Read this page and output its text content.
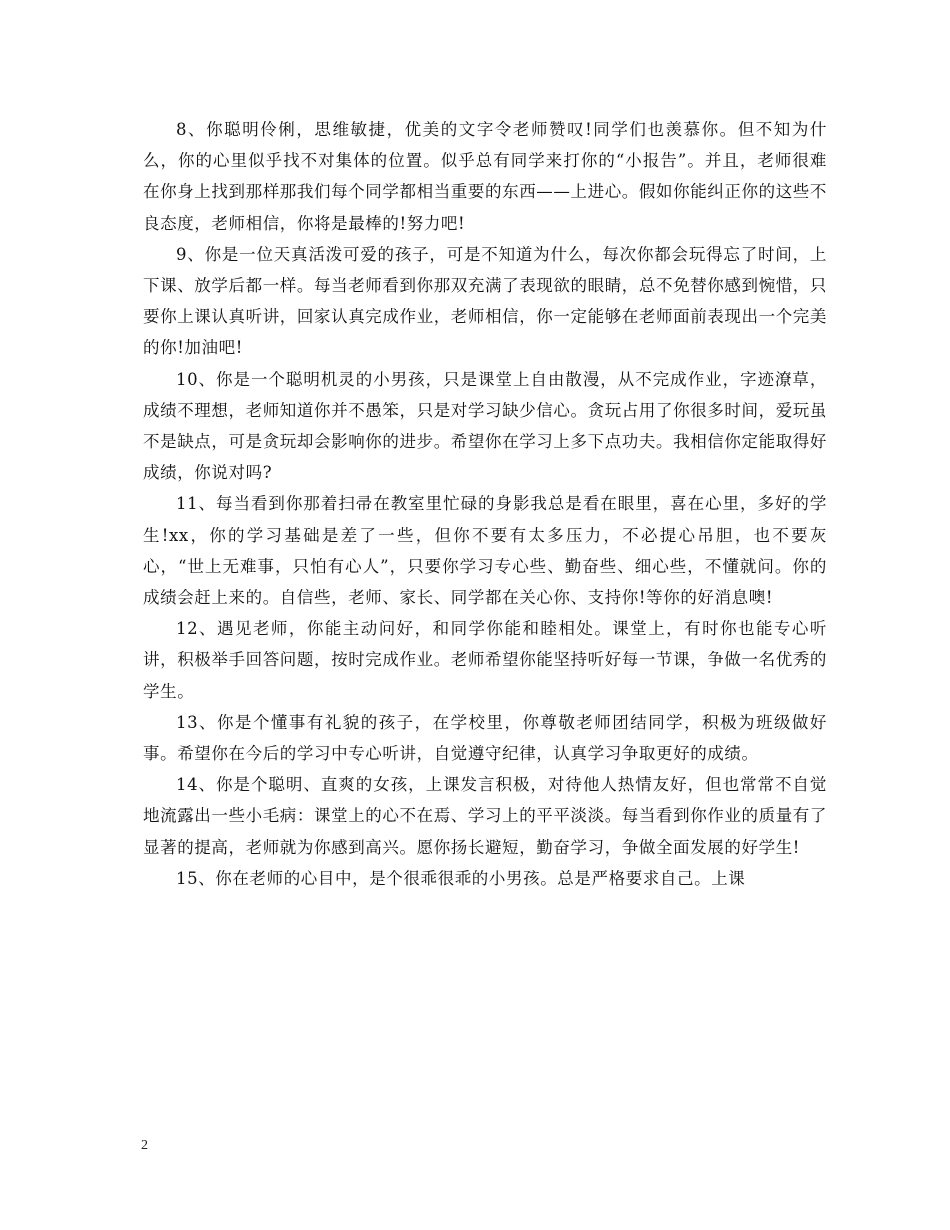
8、你聪明伶俐，思维敏捷，优美的文字令老师赞叹!同学们也羡慕你。但不知为什么，你的心里似乎找不对集体的位置。似乎总有同学来打你的“小报告”。并且，老师很难在你身上找到那样那我们每个同学都相当重要的东西——上进心。假如你能纠正你的这些不良态度，老师相信，你将是最棒的!努力吧!

9、你是一位天真活泼可爱的孩子，可是不知道为什么，每次你都会玩得忘了时间，上下课、放学后都一样。每当老师看到你那双充满了表现欲的眼睛，总不免替你感到惋惜，只要你上课认真听讲，回家认真完成作业，老师相信，你一定能够在老师面前表现出一个完美的你!加油吧!

10、你是一个聪明机灵的小男孩，只是课堂上自由散漫，从不完成作业，字迹潦草，成绩不理想，老师知道你并不愚笨，只是对学习缺少信心。贪玩占用了你很多时间，爱玩虽不是缺点，可是贪玩却会影响你的进步。希望你在学习上多下点功夫。我相信你定能取得好成绩，你说对吗?

11、每当看到你那着扫帚在教室里忙碌的身影我总是看在眼里，喜在心里，多好的学生!xx，你的学习基础是差了一些，但你不要有太多压力，不必提心吊胆，也不要灰心，“世上无难事，只怕有心人”，只要你学习专心些、勤奋些、细心些，不懂就问。你的成绩会赶上来的。自信些，老师、家长、同学都在关心你、支持你!等你的好消息噢!

12、遇见老师，你能主动问好，和同学你能和睦相处。课堂上，有时你也能专心听讲，积极举手回答问题，按时完成作业。老师希望你能坚持听好每一节课，争做一名优秀的学生。

13、你是个懂事有礼貌的孩子，在学校里，你尊敬老师团结同学，积极为班级做好事。希望你在今后的学习中专心听讲，自觉遵守纪律，认真学习争取更好的成绩。

14、你是个聪明、直爽的女孩，上课发言积极，对待他人热情友好，但也常常不自觉地流露出一些小毛病：课堂上的心不在焉、学习上的平平淡淡。每当看到你作业的质量有了显著的提高，老师就为你感到高兴。愿你扬长避短，勤奋学习，争做全面发展的好学生!

15、你在老师的心目中，是个很乖很乖的小男孩。总是严格要求自己。上课

2
